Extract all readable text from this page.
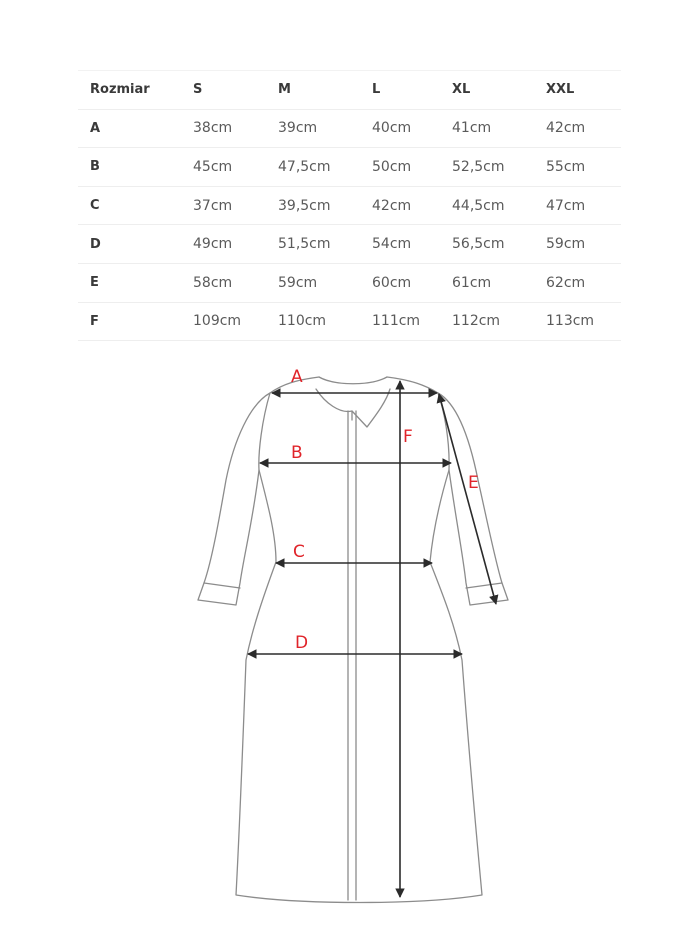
Rozmiar	S	M	L	XL	XXL
A	38cm	39cm	40cm	41cm	42cm
B	45cm	47,5cm	50cm	52,5cm	55cm
C	37cm	39,5cm	42cm	44,5cm	47cm
D	49cm	51,5cm	54cm	56,5cm	59cm
E	58cm	59cm	60cm	61cm	62cm
F	109cm	110cm	111cm	112cm	113cm
A
B
C
D
E
F
